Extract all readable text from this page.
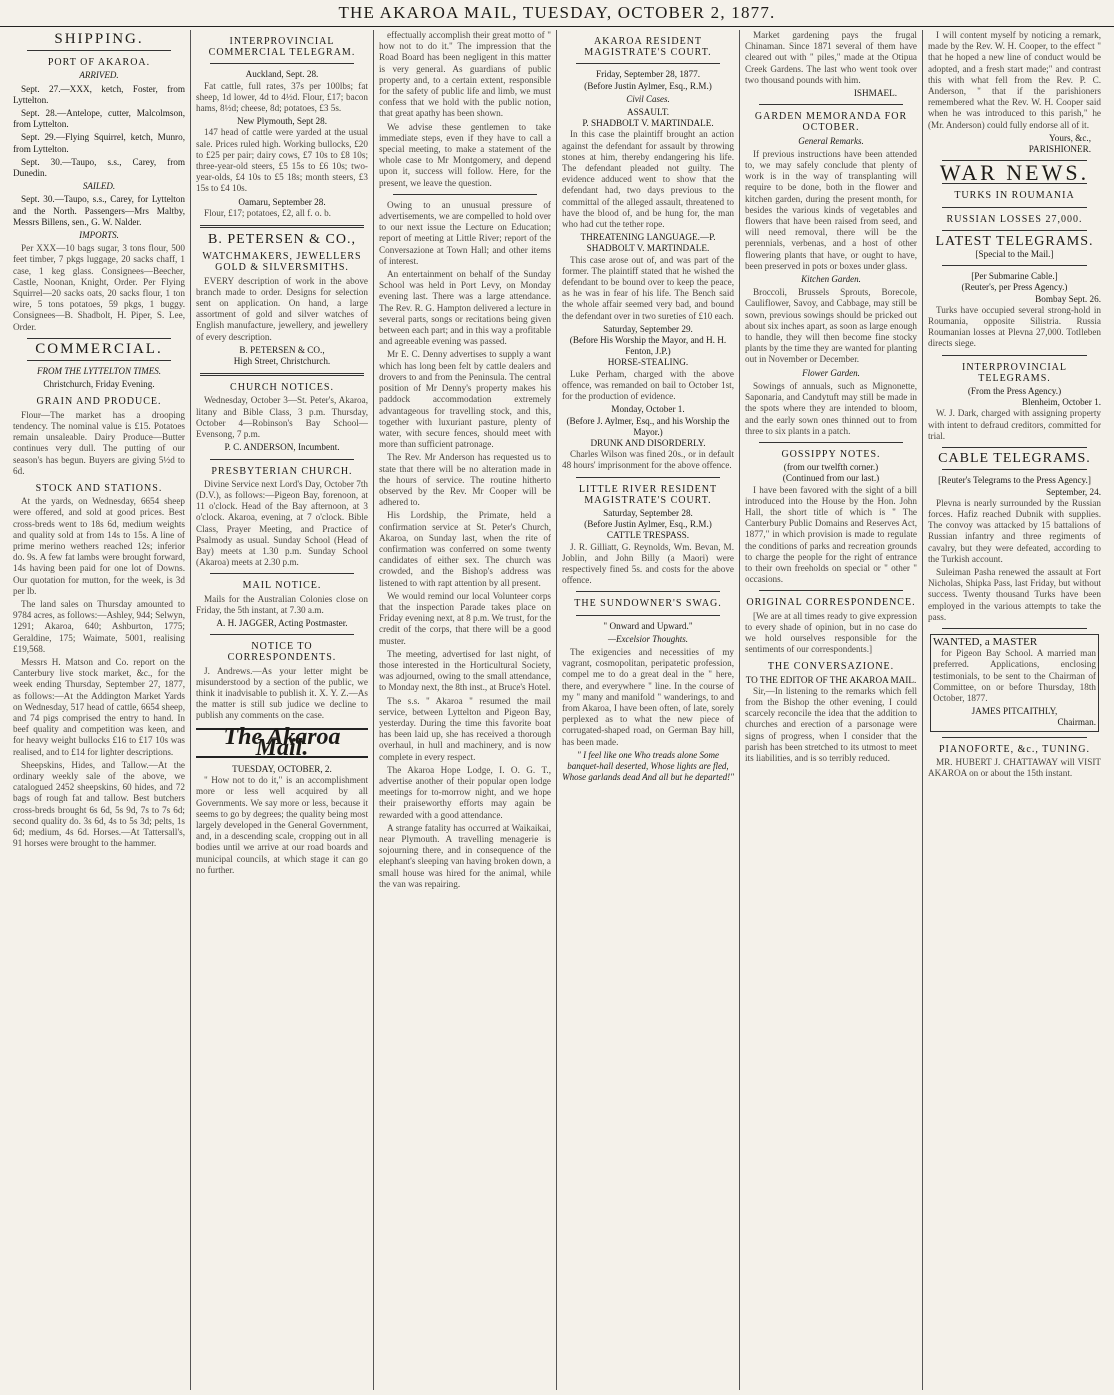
THE AKAROA MAIL, TUESDAY, OCTOBER 2, 1877.
SHIPPING.
PORT OF AKAROA.
ARRIVED.
Sept. 27.—XXX, ketch, Foster, from Lyttelton.
Sept. 28.—Antelope, cutter, Malcolmson, from Lyttelton.
Sept. 29.—Flying Squirrel, ketch, Munro, from Lyttelton.
Sept. 30.—Taupo, s.s., Carey, from Dunedin.
SAILED.
Sept. 30.—Taupo, s.s., Carey, for Lyttelton and the North. Passengers—Mrs Maltby, Messrs Billens, sen., G. W. Nalder.
IMPORTS.
Per XXX—10 bags sugar, 3 tons flour, 500 feet timber, 7 pkgs luggage, 20 sacks chaff, 1 case, 1 keg glass. Consignees—Beecher, Castle, Noonan, Knight, Order. Per Flying Squirrel—20 sacks oats, 20 sacks flour, 1 ton wire, 5 tons potatoes, 59 pkgs, 1 buggy. Consignees—B. Shadbolt, H. Piper, S. Lee, Order.
COMMERCIAL.
FROM THE LYTTELTON TIMES.
Christchurch, Friday Evening.
GRAIN AND PRODUCE.
Flour—The market has a drooping tendency. The nominal value is £15. Potatoes remain unsaleable. Dairy Produce—Butter continues very dull. The putting of our season's has begun. Buyers are giving 5½d to 6d.
STOCK AND STATIONS.
At the yards, on Wednesday, 6654 sheep were offered, and sold at good prices. Best cross-breds went to 18s 6d, medium weights and quality sold at from 14s to 15s. A line of prime merino wethers reached 12s; inferior do. 9s. A few fat lambs were brought forward, 14s having been paid for one lot of Downs. Our quotation for mutton, for the week, is 3d per lb.
The land sales on Thursday amounted to 9784 acres, as follows:—Ashley, 944; Selwyn, 1291; Akaroa, 640; Ashburton, 1775; Geraldine, 175; Waimate, 5001, realising £19,568.
Messrs H. Matson and Co. report on the Canterbury live stock market, &c., for the week ending Thursday, September 27, 1877, as follows:—At the Addington Market Yards on Wednesday, 517 head of cattle, 6654 sheep, and 74 pigs comprised the entry to hand. In beef quality and competition was keen, and for heavy weight bullocks £16 to £17 10s was realised, and to £14 for lighter descriptions.
Sheepskins, Hides, and Tallow.—At the ordinary weekly sale of the above, we catalogued 2452 sheepskins, 60 hides, and 72 bags of rough fat and tallow. Best butchers cross-breds brought 6s 6d, 5s 9d, 7s to 7s 6d; second quality do. 3s 6d, 4s to 5s 3d; pelts, 1s 6d; medium, 4s 6d. Horses.—At Tattersall's, 91 horses were brought to the hammer.
INTERPROVINCIAL COMMERCIAL TELEGRAM.
Auckland, Sept. 28.
Fat cattle, full rates, 37s per 100lbs; fat sheep, 1d lower, 4d to 4½d. Flour, £17; bacon hams, 8½d; cheese, 8d; potatoes, £3 5s.
New Plymouth, Sept 28.
147 head of cattle were yarded at the usual sale. Prices ruled high. Working bullocks, £20 to £25 per pair; dairy cows, £7 10s to £8 10s; three-year-old steers, £5 15s to £6 10s; two-year-olds, £4 10s to £5 18s; month steers, £3 15s to £4 10s.
Oamaru, September 28.
Flour, £17; potatoes, £2, all f. o. b.
B. PETERSEN & CO.,
WATCHMAKERS, JEWELLERS GOLD & SILVERSMITHS.
EVERY description of work in the above branch made to order. Designs for selection sent on application. On hand, a large assortment of gold and silver watches of English manufacture, jewellery, and jewellery of every description.
B. PETERSEN & CO.,
High Street, Christchurch.
CHURCH NOTICES.
Wednesday, October 3—St. Peter's, Akaroa, litany and Bible Class, 3 p.m. Thursday, October 4—Robinson's Bay School—Evensong, 7 p.m.
P. C. ANDERSON, Incumbent.
PRESBYTERIAN CHURCH.
Divine Service next Lord's Day, October 7th (D.V.), as follows:—Pigeon Bay, forenoon, at 11 o'clock. Head of the Bay afternoon, at 3 o'clock. Akaroa, evening, at 7 o'clock. Bible Class, Prayer Meeting, and Practice of Psalmody as usual. Sunday School (Head of Bay) meets at 1.30 p.m. Sunday School (Akaroa) meets at 2.30 p.m.
MAIL NOTICE.
Mails for the Australian Colonies close on Friday, the 5th instant, at 7.30 a.m.
A. H. JAGGER, Acting Postmaster.
NOTICE TO CORRESPONDENTS.
J. Andrews.—As your letter might be misunderstood by a section of the public, we think it inadvisable to publish it. X. Y. Z.—As the matter is still sub judice we decline to publish any comments on the case.
The Akaroa Mail.
TUESDAY, OCTOBER, 2.
" How not to do it," is an accomplishment more or less well acquired by all Governments. We say more or less, because it seems to go by degrees; the quality being most largely developed in the General Government, and, in a descending scale, cropping out in all bodies until we arrive at our road boards and municipal councils, at which stage it can go no further.
effectually accomplish their great motto of " how not to do it." The impression that the Road Board has been negligent in this matter is very general. As guardians of public property and, to a certain extent, responsible for the safety of public life and limb, we must confess that we hold with the public notion, that great apathy has been shown.
We advise these gentlemen to take immediate steps, even if they have to call a special meeting, to make a statement of the whole case to Mr Montgomery, and depend upon it, success will follow. Here, for the present, we leave the question.
Owing to an unusual pressure of advertisements, we are compelled to hold over to our next issue the Lecture on Education; report of meeting at Little River; report of the Conversazione at Town Hall; and other items of interest.
An entertainment on behalf of the Sunday School was held in Port Levy, on Monday evening last. There was a large attendance. The Rev. R. G. Hampton delivered a lecture in several parts, songs or recitations being given between each part; and in this way a profitable and agreeable evening was passed.
Mr E. C. Denny advertises to supply a want which has long been felt by cattle dealers and drovers to and from the Peninsula. The central position of Mr Denny's property makes his paddock accommodation extremely advantageous for travelling stock, and this, together with luxuriant pasture, plenty of water, with secure fences, should meet with more than sufficient patronage.
The Rev. Mr Anderson has requested us to state that there will be no alteration made in the hours of service. The routine hitherto observed by the Rev. Mr Cooper will be adhered to.
His Lordship, the Primate, held a confirmation service at St. Peter's Church, Akaroa, on Sunday last, when the rite of confirmation was conferred on some twenty candidates of either sex. The church was crowded, and the Bishop's address was listened to with rapt attention by all present.
We would remind our local Volunteer corps that the inspection Parade takes place on Friday evening next, at 8 p.m. We trust, for the credit of the corps, that there will be a good muster.
The meeting, advertised for last night, of those interested in the Horticultural Society, was adjourned, owing to the small attendance, to Monday next, the 8th inst., at Bruce's Hotel.
The s.s. " Akaroa " resumed the mail service, between Lyttelton and Pigeon Bay, yesterday. During the time this favorite boat has been laid up, she has received a thorough overhaul, in hull and machinery, and is now complete in every respect.
The Akaroa Hope Lodge, I. O. G. T., advertise another of their popular open lodge meetings for to-morrow night, and we hope their praiseworthy efforts may again be rewarded with a good attendance.
A strange fatality has occurred at Waikaikai, near Plymouth. A travelling menagerie is sojourning there, and in consequence of the elephant's sleeping van having broken down, a small house was hired for the animal, while the van was repairing.
AKAROA RESIDENT MAGISTRATE'S COURT.
Friday, September 28, 1877.
(Before Justin Aylmer, Esq., R.M.)
Civil Cases.
ASSAULT.
P. SHADBOLT V. MARTINDALE.
In this case the plaintiff brought an action against the defendant for assault by throwing stones at him, thereby endangering his life. The defendant pleaded not guilty. The evidence adduced went to show that the defendant had, two days previous to the committal of the alleged assault, threatened to have the blood of, and be hung for, the man who had cut the tether rope.
THREATENING LANGUAGE.—P. SHADBOLT V. MARTINDALE.
This case arose out of, and was part of the former. The plaintiff stated that he wished the defendant to be bound over to keep the peace, as he was in fear of his life. The Bench said the whole affair seemed very bad, and bound the defendant over in two sureties of £10 each.
Saturday, September 29.
(Before His Worship the Mayor, and H. H. Fenton, J.P.)
HORSE-STEALING.
Luke Perham, charged with the above offence, was remanded on bail to October 1st, for the production of evidence.
Monday, October 1.
(Before J. Aylmer, Esq., and his Worship the Mayor.)
DRUNK AND DISORDERLY.
Charles Wilson was fined 20s., or in default 48 hours' imprisonment for the above offence.
LITTLE RIVER RESIDENT MAGISTRATE'S COURT.
Saturday, September 28.
(Before Justin Aylmer, Esq., R.M.)
CATTLE TRESPASS.
J. R. Gilliatt, G. Reynolds, Wm. Bevan, M. Joblin, and John Billy (a Maori) were respectively fined 5s. and costs for the above offence.
THE SUNDOWNER'S SWAG.
" Onward and Upward."
—Excelsior Thoughts.
The exigencies and necessities of my vagrant, cosmopolitan, peripatetic profession, compel me to do a great deal in the " here, there, and everywhere " line. In the course of my " many and manifold " wanderings, to and from Akaroa, I have been often, of late, sorely perplexed as to what the new piece of corrugated-shaped road, on German Bay hill, has been made.
" I feel like one Who treads alone Some banquet-hall deserted, Whose lights are fled, Whose garlands dead And all but he departed!"
Market gardening pays the frugal Chinaman. Since 1871 several of them have cleared out with " piles," made at the Otipua Creek Gardens. The last who went took over two thousand pounds with him.
ISHMAEL.
GARDEN MEMORANDA FOR OCTOBER.
General Remarks.
If previous instructions have been attended to, we may safely conclude that plenty of work is in the way of transplanting will require to be done, both in the flower and kitchen garden, during the present month, for besides the various kinds of vegetables and flowers that have been raised from seed, and will need removal, there will be the perennials, verbenas, and a host of other flowering plants that have, or ought to have, been preserved in pots or boxes under glass.
Kitchen Garden.
Broccoli, Brussels Sprouts, Borecole, Cauliflower, Savoy, and Cabbage, may still be sown, previous sowings should be pricked out about six inches apart, as soon as large enough to handle, they will then become fine stocky plants by the time they are wanted for planting out in November or December.
Flower Garden.
Sowings of annuals, such as Mignonette, Saponaria, and Candytuft may still be made in the spots where they are intended to bloom, and the early sown ones thinned out to from three to six plants in a patch.
GOSSIPPY NOTES.
(from our twelfth corner.)
(Continued from our last.)
I have been favored with the sight of a bill introduced into the House by the Hon. John Hall, the short title of which is " The Canterbury Public Domains and Reserves Act, 1877," in which provision is made to regulate the conditions of parks and recreation grounds to charge the people for the right of entrance to their own freeholds on special or " other " occasions.
ORIGINAL CORRESPONDENCE.
[We are at all times ready to give expression to every shade of opinion, but in no case do we hold ourselves responsible for the sentiments of our correspondents.]
THE CONVERSAZIONE.
TO THE EDITOR OF THE AKAROA MAIL.
Sir,—In listening to the remarks which fell from the Bishop the other evening, I could scarcely reconcile the idea that the addition to churches and erection of a parsonage were signs of progress, when I consider that the parish has been stretched to its utmost to meet its liabilities, and is so terribly reduced.
I will content myself by noticing a remark, made by the Rev. W. H. Cooper, to the effect " that he hoped a new line of conduct would be adopted, and a fresh start made;" and contrast this with what fell from the Rev. P. C. Anderson, " that if the parishioners remembered what the Rev. W. H. Cooper said when he was introduced to this parish," he (Mr. Anderson) could fully endorse all of it.
Yours, &c.,
PARISHIONER.
WAR NEWS.
TURKS IN ROUMANIA
RUSSIAN LOSSES 27,000.
LATEST TELEGRAMS.
[Special to the Mail.]
[Per Submarine Cable.]
(Reuter's, per Press Agency.)
Bombay Sept. 26.
Turks have occupied several strong-hold in Roumania, opposite Silistria. Russia Roumanian losses at Plevna 27,000. Totlleben directs siege.
INTERPROVINCIAL TELEGRAMS.
(From the Press Agency.)
Blenheim, October 1.
W. J. Dark, charged with assigning property with intent to defraud creditors, committed for trial.
CABLE TELEGRAMS.
[Reuter's Telegrams to the Press Agency.]
September, 24.
Plevna is nearly surrounded by the Russian forces. Hafiz reached Dubnik with supplies. The convoy was attacked by 15 battalions of Russian infantry and three regiments of cavalry, but they were defeated, according to the Turkish account.
Suleiman Pasha renewed the assault at Fort Nicholas, Shipka Pass, last Friday, but without success. Twenty thousand Turks have been employed in the various attempts to take the pass.
WANTED, a MASTER
for Pigeon Bay School. A married man preferred. Applications, enclosing testimonials, to be sent to the Chairman of Committee, on or before Thursday, 18th October, 1877.
JAMES PITCAITHLY,
Chairman.
PIANOFORTE, &c., TUNING.
MR. HUBERT J. CHATTAWAY will VISIT AKAROA on or about the 15th instant.
